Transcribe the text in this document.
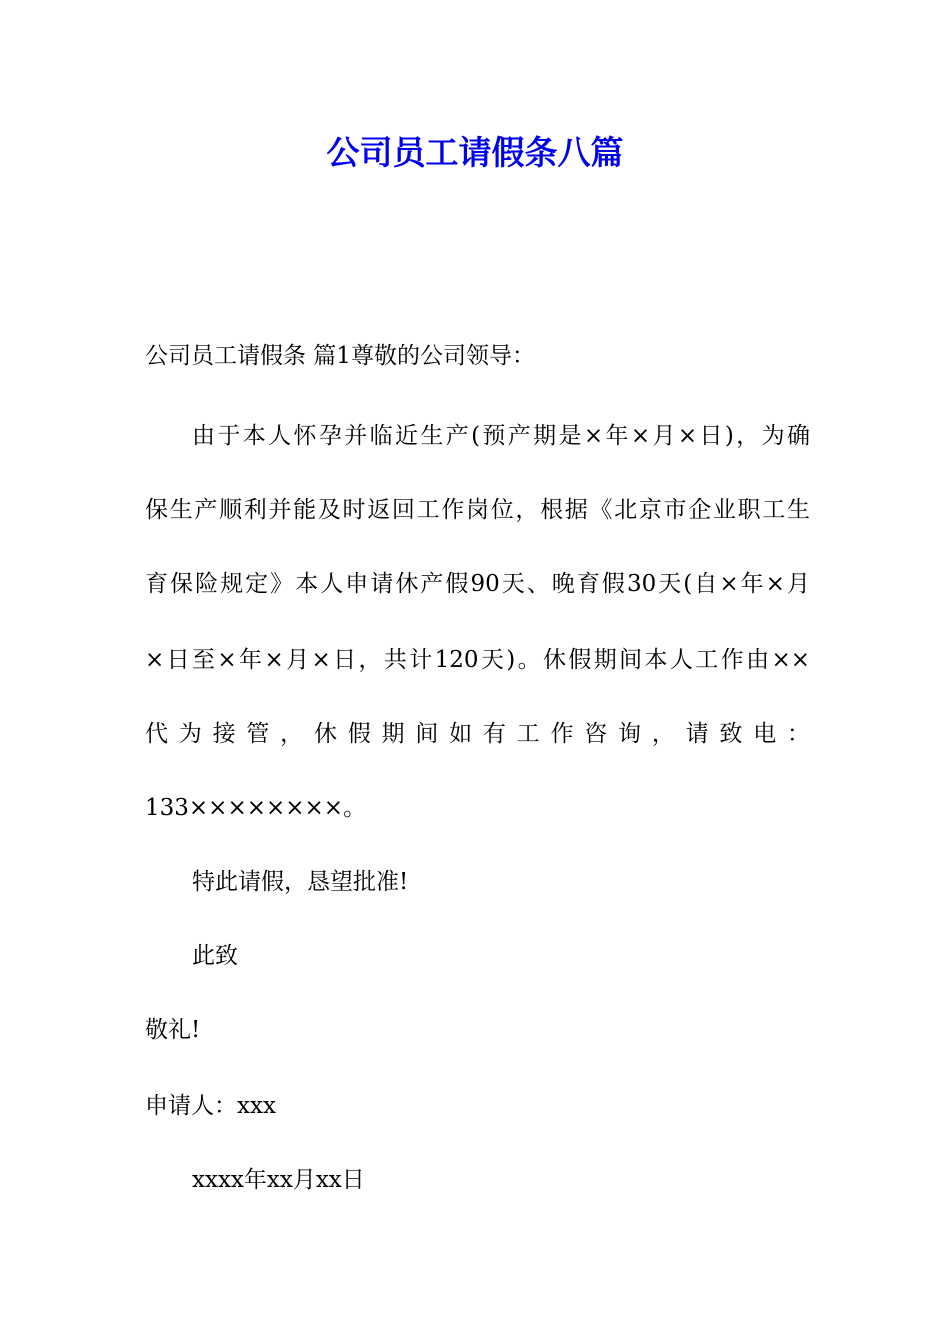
公司员工请假条八篇
公司员工请假条 篇1尊敬的公司领导：
由于本人怀孕并临近生产(预产期是×年×月×日)，为确
保生产顺利并能及时返回工作岗位，根据《北京市企业职工生
育保险规定》本人申请休产假90天、晚育假30天(自×年×月
×日至×年×月×日，共计120天)。休假期间本人工作由××
代为接管，休假期间如有工作咨询，请致电：
133××××××××。
特此请假，恳望批准!
此致
敬礼!
申请人：xxx
xxxx年xx月xx日
